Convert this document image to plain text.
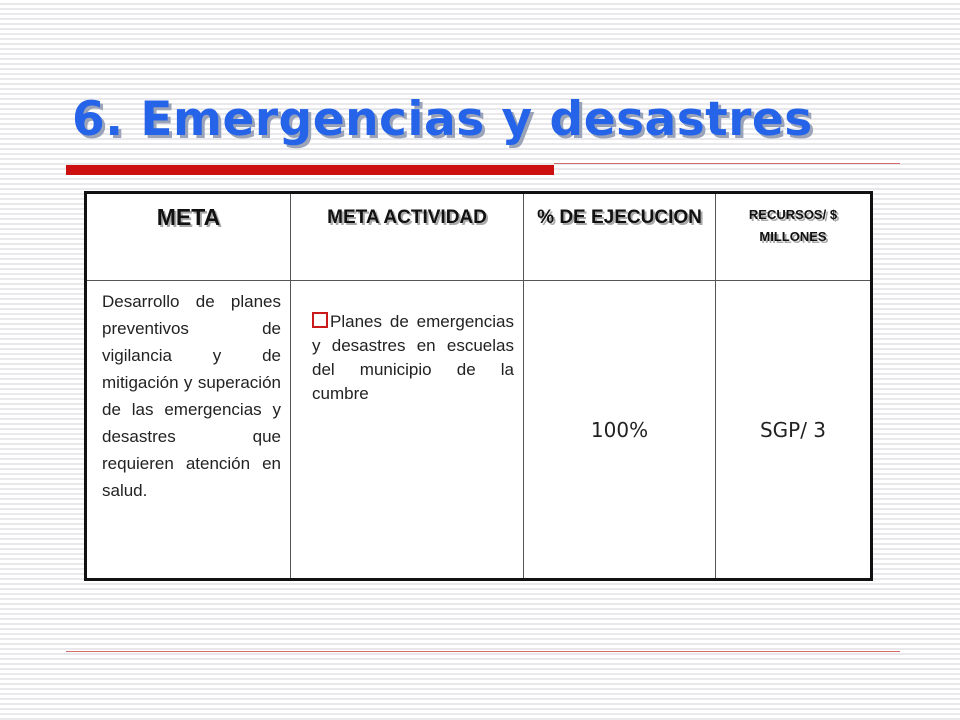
6. Emergencias y desastres
META	META ACTIVIDAD	% DE EJECUCION	RECURSOS/ $ MILLONES

Desarrollo de planes preventivos de vigilancia y de mitigación y superación de las emergencias y desastres que requieren atención en salud.	Planes de emergencias y desastres en escuelas del municipio de la cumbre	100%	SGP/ 3
